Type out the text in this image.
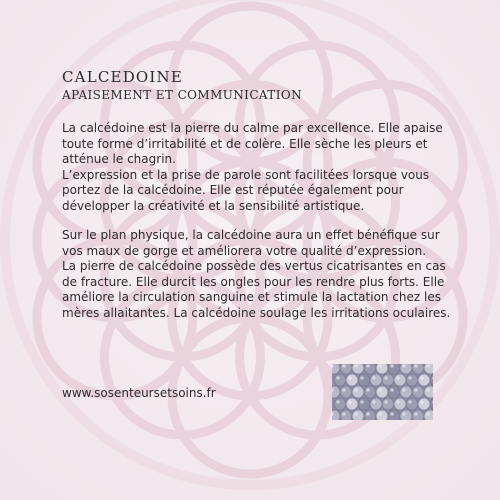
CALCEDOINE
APAISEMENT ET COMMUNICATION

La calcédoine est la pierre du calme par excellence. Elle apaise toute forme d’irritabilité et de colère. Elle sèche les pleurs et atténue le chagrin.

L’expression et la prise de parole sont facilitées lorsque vous portez de la calcédoine. Elle est réputée également pour développer la créativité et la sensibilité artistique.

Sur le plan physique, la calcédoine aura un effet bénéfique sur vos maux de gorge et améliorera votre qualité d’expression.

La pierre de calcédoine possède des vertus cicatrisantes en cas de fracture. Elle durcit les ongles pour les rendre plus forts. Elle améliore la circulation sanguine et stimule la lactation chez les mères allaitantes. La calcédoine soulage les irritations oculaires.

www.sosenteursetsoins.fr
